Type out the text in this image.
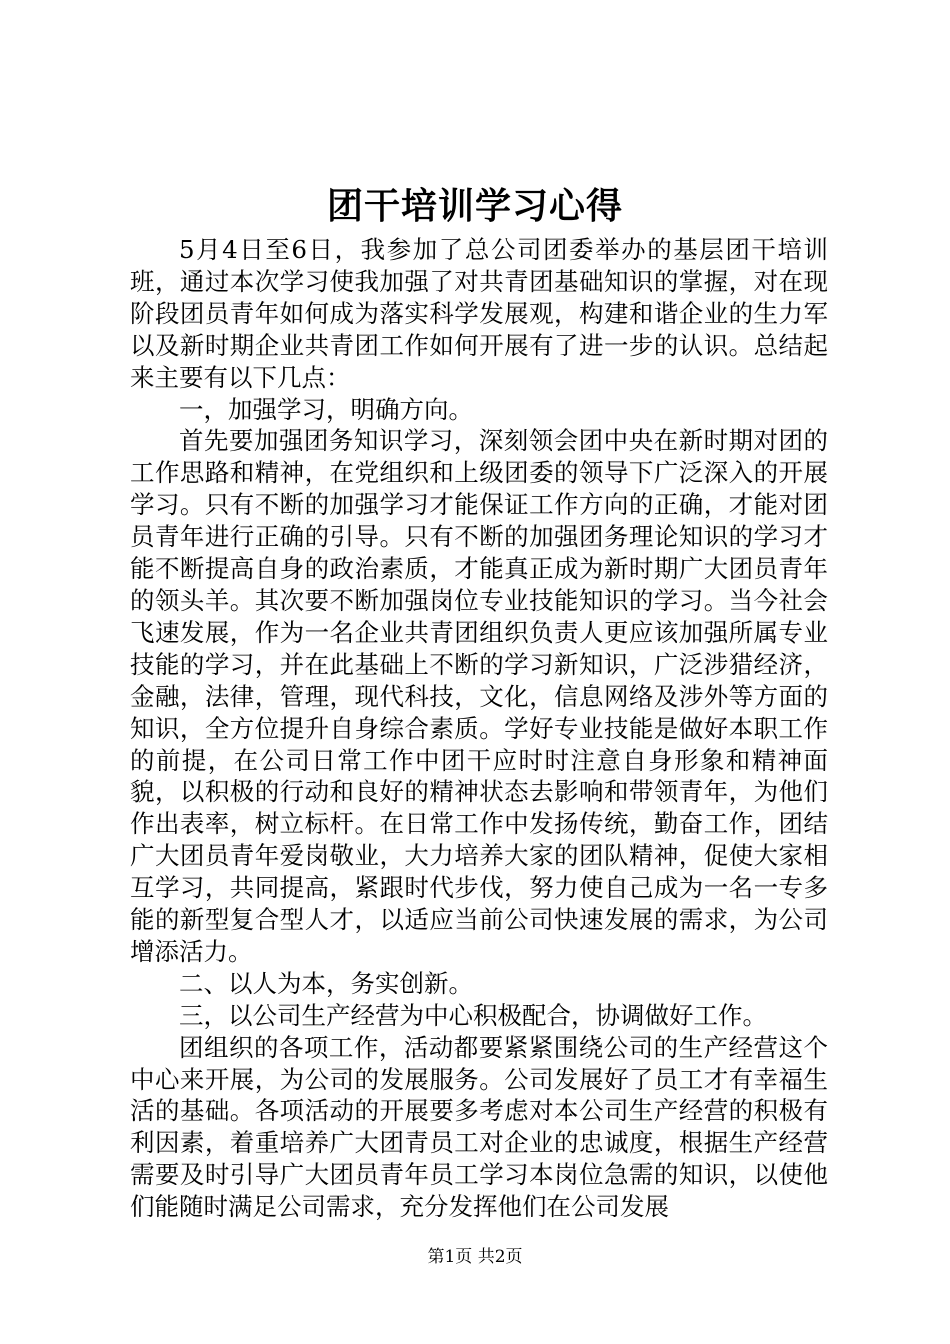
团干培训学习心得

5月4日至6日，我参加了总公司团委举办的基层团干培训班，通过本次学习使我加强了对共青团基础知识的掌握，对在现阶段团员青年如何成为落实科学发展观，构建和谐企业的生力军以及新时期企业共青团工作如何开展有了进一步的认识。总结起来主要有以下几点：

一，加强学习，明确方向。

首先要加强团务知识学习，深刻领会团中央在新时期对团的工作思路和精神，在党组织和上级团委的领导下广泛深入的开展学习。只有不断的加强学习才能保证工作方向的正确，才能对团员青年进行正确的引导。只有不断的加强团务理论知识的学习才能不断提高自身的政治素质，才能真正成为新时期广大团员青年的领头羊。其次要不断加强岗位专业技能知识的学习。当今社会飞速发展，作为一名企业共青团组织负责人更应该加强所属专业技能的学习，并在此基础上不断的学习新知识，广泛涉猎经济，金融，法律，管理，现代科技，文化，信息网络及涉外等方面的知识，全方位提升自身综合素质。学好专业技能是做好本职工作的前提，在公司日常工作中团干应时时注意自身形象和精神面貌，以积极的行动和良好的精神状态去影响和带领青年，为他们作出表率，树立标杆。在日常工作中发扬传统，勤奋工作，团结广大团员青年爱岗敬业，大力培养大家的团队精神，促使大家相互学习，共同提高，紧跟时代步伐，努力使自己成为一名一专多能的新型复合型人才，以适应当前公司快速发展的需求，为公司增添活力。

二、以人为本，务实创新。

三，以公司生产经营为中心积极配合，协调做好工作。

团组织的各项工作，活动都要紧紧围绕公司的生产经营这个中心来开展，为公司的发展服务。公司发展好了员工才有幸福生活的基础。各项活动的开展要多考虑对本公司生产经营的积极有利因素，着重培养广大团青员工对企业的忠诚度，根据生产经营需要及时引导广大团员青年员工学习本岗位急需的知识，以使他们能随时满足公司需求，充分发挥他们在公司发展

第1页 共2页
